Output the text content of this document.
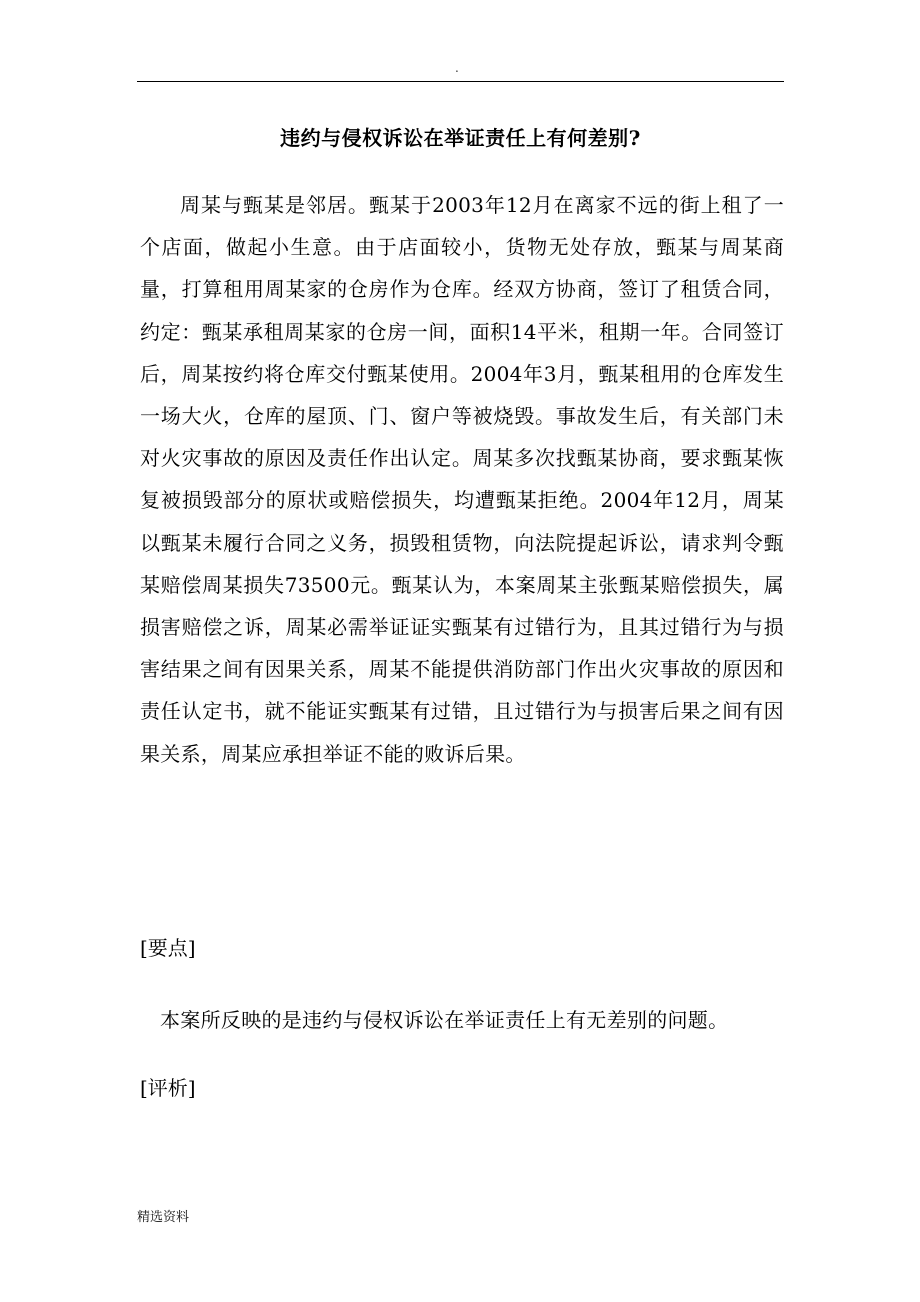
.
违约与侵权诉讼在举证责任上有何差别?

周某与甄某是邻居。甄某于2003年12月在离家不远的街上租了一个店面，做起小生意。由于店面较小，货物无处存放，甄某与周某商量，打算租用周某家的仓房作为仓库。经双方协商，签订了租赁合同，约定：甄某承租周某家的仓房一间，面积14平米，租期一年。合同签订后，周某按约将仓库交付甄某使用。2004年3月，甄某租用的仓库发生一场大火，仓库的屋顶、门、窗户等被烧毁。事故发生后，有关部门未对火灾事故的原因及责任作出认定。周某多次找甄某协商，要求甄某恢复被损毁部分的原状或赔偿损失，均遭甄某拒绝。2004年12月，周某以甄某未履行合同之义务，损毁租赁物，向法院提起诉讼，请求判令甄某赔偿周某损失73500元。甄某认为，本案周某主张甄某赔偿损失，属损害赔偿之诉，周某必需举证证实甄某有过错行为，且其过错行为与损害结果之间有因果关系，周某不能提供消防部门作出火灾事故的原因和责任认定书，就不能证实甄某有过错，且过错行为与损害后果之间有因果关系，周某应承担举证不能的败诉后果。

[要点]

本案所反映的是违约与侵权诉讼在举证责任上有无差别的问题。

[评析]

精选资料
